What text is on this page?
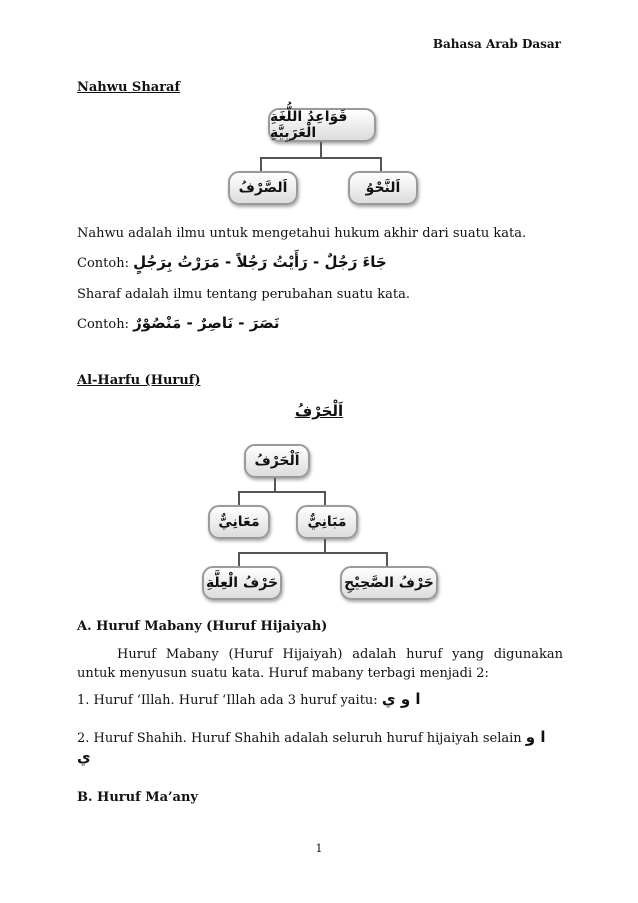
Bahasa Arab Dasar
Nahwu Sharaf
قَوَاعِدُ اللُّغَةِ الْعَرَبِيَّةِ
اَلصَّرْفُ	اَلنَّحْوُ
Nahwu adalah ilmu untuk mengetahui hukum akhir dari suatu kata.
Contoh: جَاءَ رَجُلٌ - رَأَيْتُ رَجُلاً - مَرَرْتُ بِرَجُلٍ
Sharaf adalah ilmu tentang perubahan suatu kata.
Contoh: نَصَرَ - نَاصِرٌ - مَنْصُوْرٌ
Al-Harfu (Huruf)
اَلْحَرْفُ
اَلْحَرْفُ
مَعَانِيٌّ	مَبَانِيٌّ
حَرْفُ الْعِلَّةِ	حَرْفُ الصَّحِيْحِ
A. Huruf Mabany (Huruf Hijaiyah)
Huruf Mabany (Huruf Hijaiyah) adalah huruf yang digunakan untuk menyusun suatu kata. Huruf mabany terbagi menjadi 2:
1. Huruf ‘Illah. Huruf ‘Illah ada 3 huruf yaitu: ا و ي
2. Huruf Shahih. Huruf Shahih adalah seluruh huruf hijaiyah selain ا و ي
B. Huruf Ma’any
1
